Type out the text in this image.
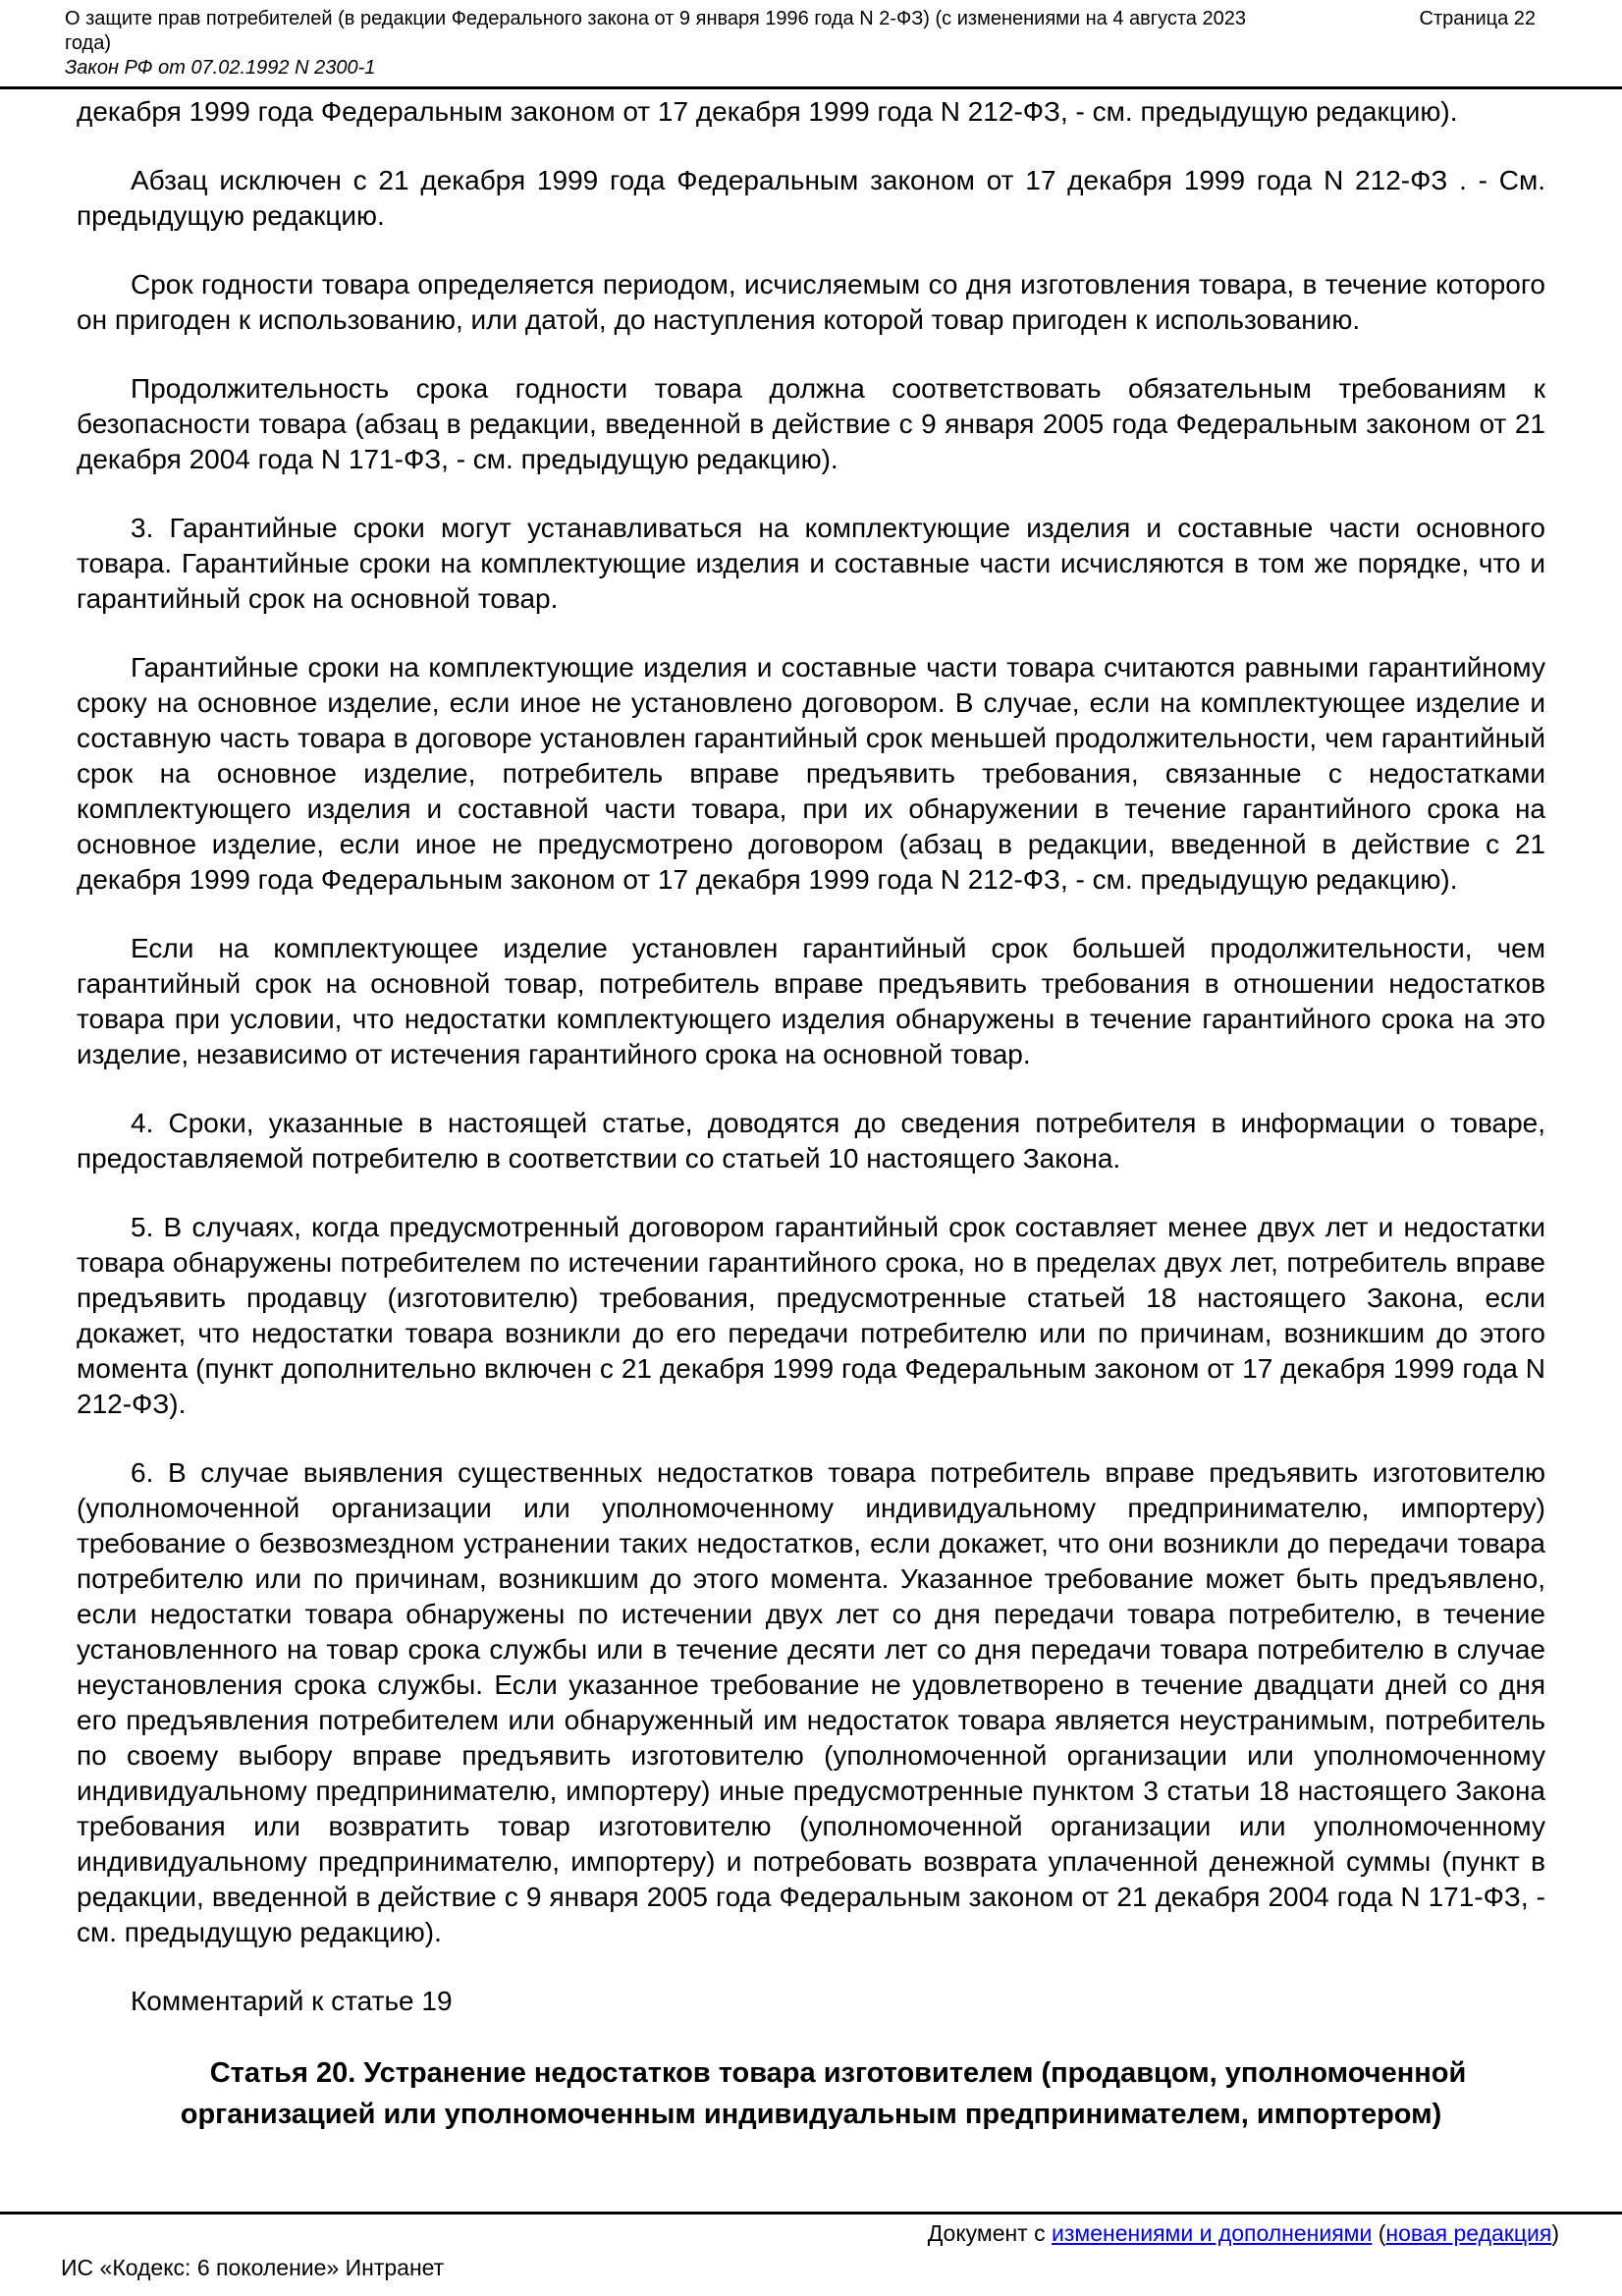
О защите прав потребителей (в редакции Федерального закона от 9 января 1996 года N 2-ФЗ) (с изменениями на 4 августа 2023 года)
Страница 22
Закон РФ от 07.02.1992 N 2300-1

декабря 1999 года Федеральным законом от 17 декабря 1999 года N 212-ФЗ, - см. предыдущую редакцию).

Абзац исключен с 21 декабря 1999 года Федеральным законом от 17 декабря 1999 года N 212-ФЗ . - См. предыдущую редакцию.

Срок годности товара определяется периодом, исчисляемым со дня изготовления товара, в течение которого он пригоден к использованию, или датой, до наступления которой товар пригоден к использованию.

Продолжительность срока годности товара должна соответствовать обязательным требованиям к безопасности товара (абзац в редакции, введенной в действие с 9 января 2005 года Федеральным законом от 21 декабря 2004 года N 171-ФЗ, - см. предыдущую редакцию).

3. Гарантийные сроки могут устанавливаться на комплектующие изделия и составные части основного товара. Гарантийные сроки на комплектующие изделия и составные части исчисляются в том же порядке, что и гарантийный срок на основной товар.

Гарантийные сроки на комплектующие изделия и составные части товара считаются равными гарантийному сроку на основное изделие, если иное не установлено договором. В случае, если на комплектующее изделие и составную часть товара в договоре установлен гарантийный срок меньшей продолжительности, чем гарантийный срок на основное изделие, потребитель вправе предъявить требования, связанные с недостатками комплектующего изделия и составной части товара, при их обнаружении в течение гарантийного срока на основное изделие, если иное не предусмотрено договором (абзац в редакции, введенной в действие с 21 декабря 1999 года Федеральным законом от 17 декабря 1999 года N 212-ФЗ, - см. предыдущую редакцию).

Если на комплектующее изделие установлен гарантийный срок большей продолжительности, чем гарантийный срок на основной товар, потребитель вправе предъявить требования в отношении недостатков товара при условии, что недостатки комплектующего изделия обнаружены в течение гарантийного срока на это изделие, независимо от истечения гарантийного срока на основной товар.

4. Сроки, указанные в настоящей статье, доводятся до сведения потребителя в информации о товаре, предоставляемой потребителю в соответствии со статьей 10 настоящего Закона.

5. В случаях, когда предусмотренный договором гарантийный срок составляет менее двух лет и недостатки товара обнаружены потребителем по истечении гарантийного срока, но в пределах двух лет, потребитель вправе предъявить продавцу (изготовителю) требования, предусмотренные статьей 18 настоящего Закона, если докажет, что недостатки товара возникли до его передачи потребителю или по причинам, возникшим до этого момента (пункт дополнительно включен с 21 декабря 1999 года Федеральным законом от 17 декабря 1999 года N 212-ФЗ).

6. В случае выявления существенных недостатков товара потребитель вправе предъявить изготовителю (уполномоченной организации или уполномоченному индивидуальному предпринимателю, импортеру) требование о безвозмездном устранении таких недостатков, если докажет, что они возникли до передачи товара потребителю или по причинам, возникшим до этого момента. Указанное требование может быть предъявлено, если недостатки товара обнаружены по истечении двух лет со дня передачи товара потребителю, в течение установленного на товар срока службы или в течение десяти лет со дня передачи товара потребителю в случае неустановления срока службы. Если указанное требование не удовлетворено в течение двадцати дней со дня его предъявления потребителем или обнаруженный им недостаток товара является неустранимым, потребитель по своему выбору вправе предъявить изготовителю (уполномоченной организации или уполномоченному индивидуальному предпринимателю, импортеру) иные предусмотренные пунктом 3 статьи 18 настоящего Закона требования или возвратить товар изготовителю (уполномоченной организации или уполномоченному индивидуальному предпринимателю, импортеру) и потребовать возврата уплаченной денежной суммы (пункт в редакции, введенной в действие с 9 января 2005 года Федеральным законом от 21 декабря 2004 года N 171-ФЗ, - см. предыдущую редакцию).

Комментарий к статье 19

Статья 20. Устранение недостатков товара изготовителем (продавцом, уполномоченной организацией или уполномоченным индивидуальным предпринимателем, импортером)

Документ с изменениями и дополнениями (новая редакция)
ИС «Кодекс: 6 поколение» Интранет
